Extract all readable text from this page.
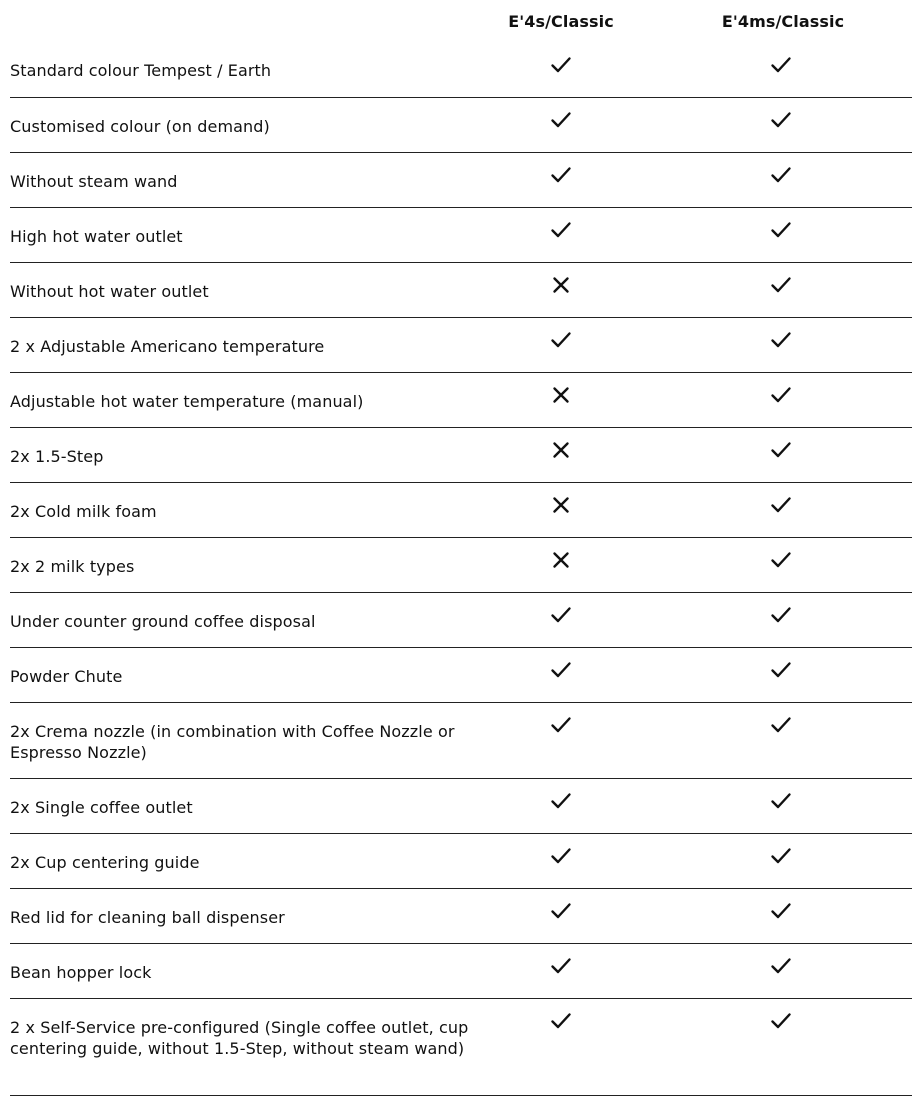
E'4s/Classic	E'4ms/Classic
Standard colour Tempest / Earth
Customised colour (on demand)
Without steam wand
High hot water outlet
Without hot water outlet
2 x Adjustable Americano temperature
Adjustable hot water temperature (manual)
2x 1.5-Step
2x Cold milk foam
2x 2 milk types
Under counter ground coffee disposal
Powder Chute
2x Crema nozzle (in combination with Coffee Nozzle or Espresso Nozzle)
2x Single coffee outlet
2x Cup centering guide
Red lid for cleaning ball dispenser
Bean hopper lock
2 x Self-Service pre-configured (Single coffee outlet, cup centering guide, without 1.5-Step, without steam wand)
